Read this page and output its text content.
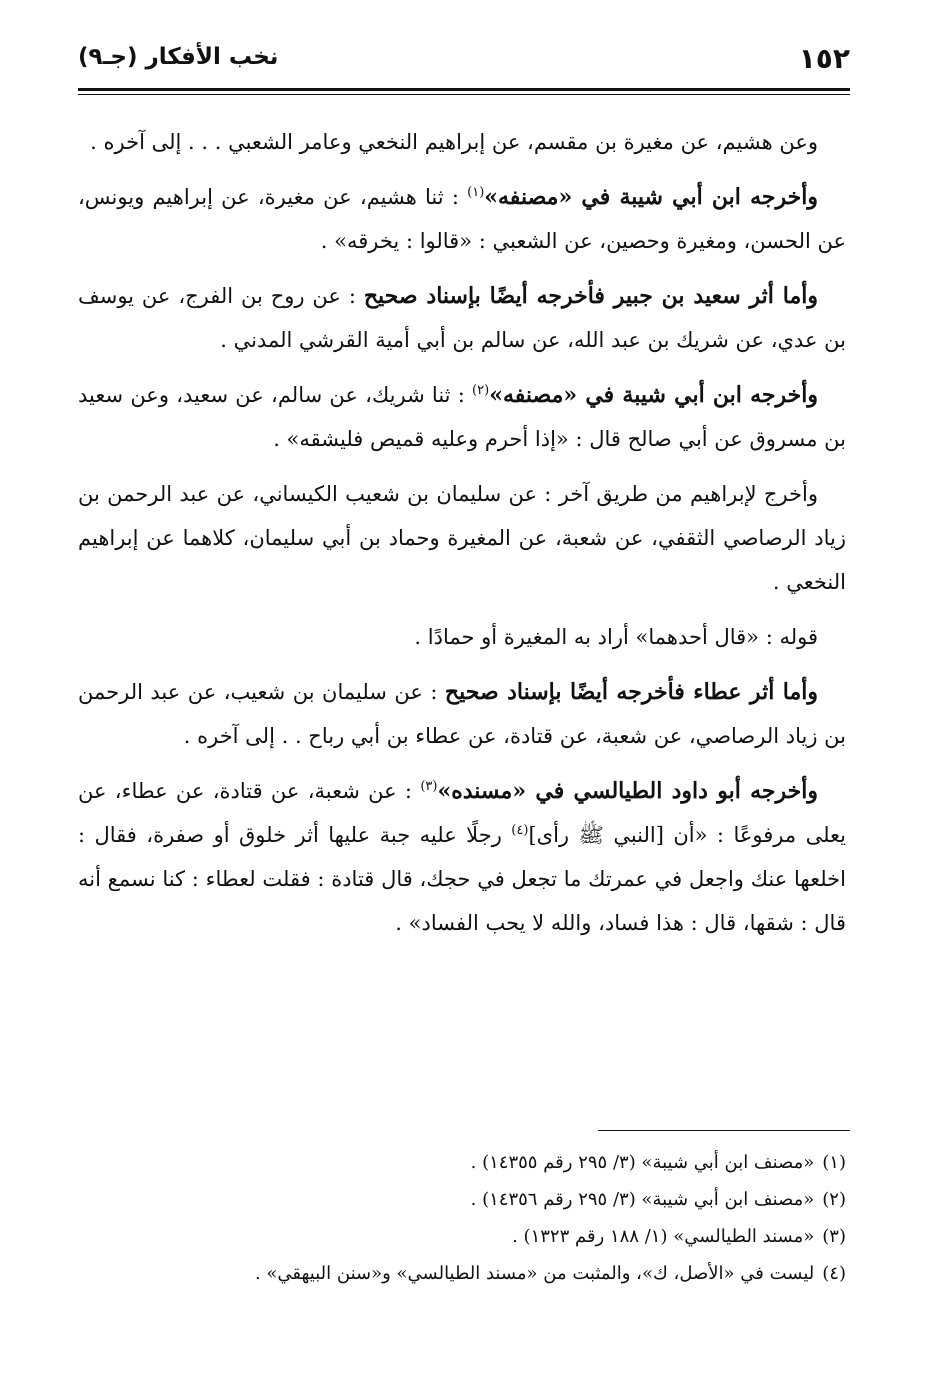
١٥٢
نخب الأفكار (جـ٩)

وعن هشيم، عن مغيرة بن مقسم، عن إبراهيم النخعي وعامر الشعبي . . . إلى آخره .

وأخرجه ابن أبي شيبة في «مصنفه»$^{(١)}$ : ثنا هشيم، عن مغيرة، عن إبراهيم ويونس، عن الحسن، ومغيرة وحصين، عن الشعبي : «قالوا : يخرقه» .

وأما أثر سعيد بن جبير فأخرجه أيضًا بإسناد صحيح : عن روح بن الفرج، عن يوسف بن عدي، عن شريك بن عبد الله، عن سالم بن أبي أمية القرشي المدني .

وأخرجه ابن أبي شيبة في «مصنفه»$^{(٢)}$ : ثنا شريك، عن سالم، عن سعيد، وعن سعيد بن مسروق عن أبي صالح قال : «إذا أحرم وعليه قميص فليشقه» .

وأخرج لإبراهيم من طريق آخر : عن سليمان بن شعيب الكيساني، عن عبد الرحمن بن زياد الرصاصي الثقفي، عن شعبة، عن المغيرة وحماد بن أبي سليمان، كلاهما عن إبراهيم النخعي .

قوله : «قال أحدهما» أراد به المغيرة أو حمادًا .

وأما أثر عطاء فأخرجه أيضًا بإسناد صحيح : عن سليمان بن شعيب، عن عبد الرحمن بن زياد الرصاصي، عن شعبة، عن قتادة، عن عطاء بن أبي رباح . . إلى آخره .

وأخرجه أبو داود الطيالسي في «مسنده»$^{(٣)}$ : عن شعبة، عن قتادة، عن عطاء، عن يعلى مرفوعًا : «أن [النبي ﷺ رأى]$^{(٤)}$ رجلًا عليه جبة عليها أثر خلوق أو صفرة، فقال : اخلعها عنك واجعل في عمرتك ما تجعل في حجك، قال قتادة : فقلت لعطاء : كنا نسمع أنه قال : شقها، قال : هذا فساد، والله لا يحب الفساد» .

(١)«مصنف ابن أبي شيبة» (٣/ ٢٩٥ رقم ١٤٣٥٥) .

(٢)«مصنف ابن أبي شيبة» (٣/ ٢٩٥ رقم ١٤٣٥٦) .

(٣)«مسند الطيالسي» (١/ ١٨٨ رقم ١٣٢٣) .

(٤)ليست في «الأصل، ك»، والمثبت من «مسند الطيالسي» و«سنن البيهقي» .
